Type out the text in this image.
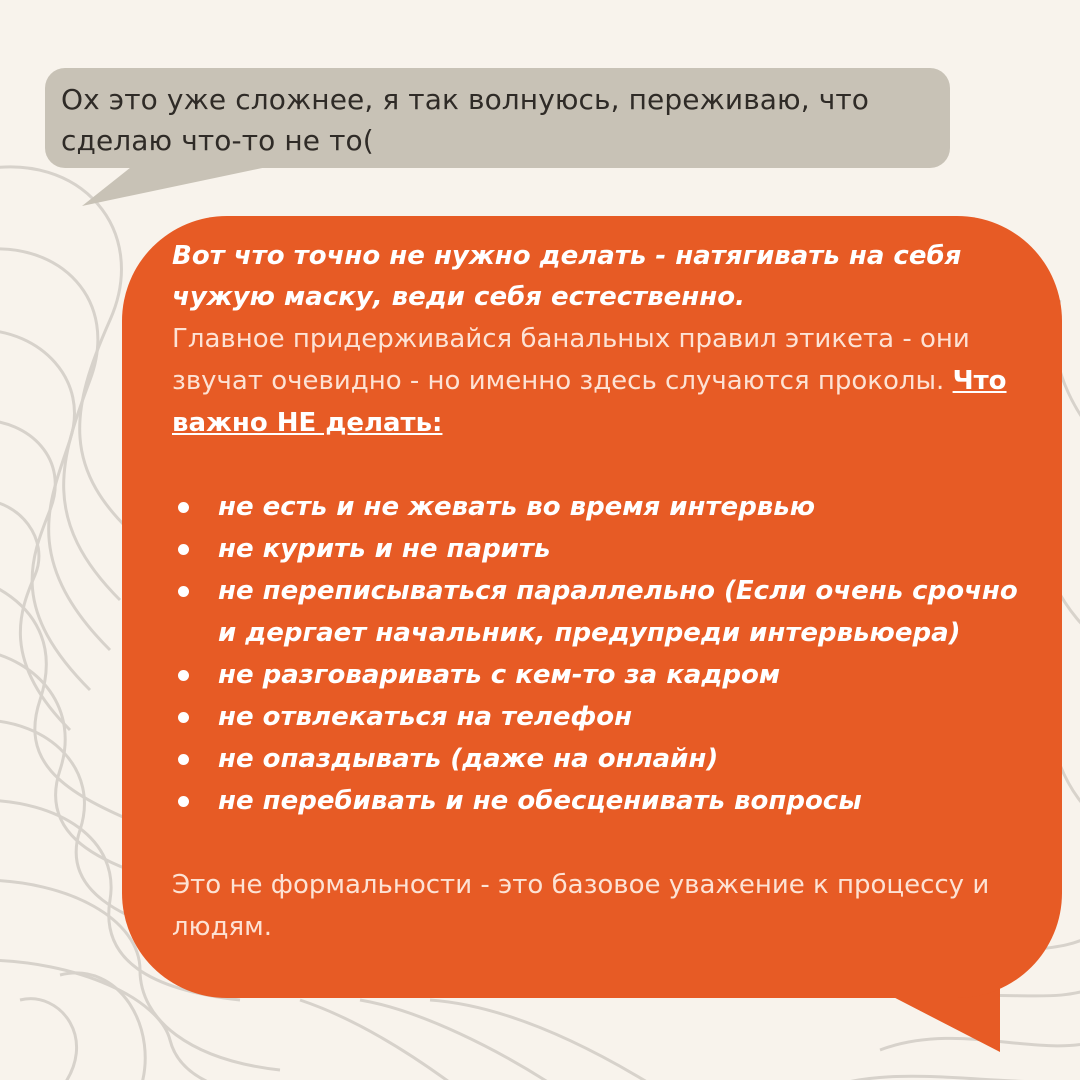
Ох это уже сложнее, я так волнуюсь, переживаю, что сделаю что-то не то(

Вот что точно не нужно делать - натягивать на себя чужую маску, веди себя естественно.

Главное придерживайся банальных правил этикета - они звучат очевидно - но именно здесь случаются проколы. Что важно НЕ делать:

не есть и не жевать во время интервью
не курить и не парить
не переписываться параллельно (Если очень срочно и дергает начальник, предупреди интервьюера)
не разговаривать с кем-то за кадром
не отвлекаться на телефон
не опаздывать (даже на онлайн)
не перебивать и не обесценивать вопросы

Это не формальности - это базовое уважение к процессу и людям.
